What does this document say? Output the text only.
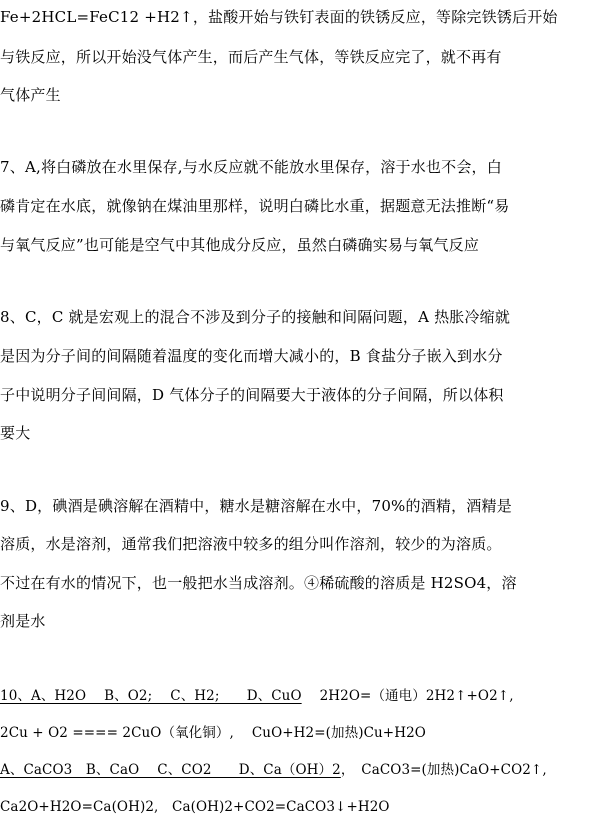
Fe+2HCL=FeC12 +H2↑，盐酸开始与铁钉表面的铁锈反应，等除完铁锈后开始
与铁反应，所以开始没气体产生，而后产生气体，等铁反应完了，就不再有
气体产生
7、A,将白磷放在水里保存,与水反应就不能放水里保存，溶于水也不会，白
磷肯定在水底，就像钠在煤油里那样，说明白磷比水重，据题意无法推断“易
与氧气反应”也可能是空气中其他成分反应，虽然白磷确实易与氧气反应
8、C，C 就是宏观上的混合不涉及到分子的接触和间隔问题，A 热胀冷缩就
是因为分子间的间隔随着温度的变化而增大减小的，B 食盐分子嵌入到水分
子中说明分子间间隔，D 气体分子的间隔要大于液体的分子间隔，所以体积
要大
9、D，碘酒是碘溶解在酒精中，糖水是糖溶解在水中，70%的酒精，酒精是
溶质，水是溶剂，通常我们把溶液中较多的组分叫作溶剂，较少的为溶质。
不过在有水的情况下，也一般把水当成溶剂。④稀硫酸的溶质是 H2SO4，溶
剂是水
10、A、H2O　 B、O2;　 C、H2;　　D、CuO　 2H2O=（通电）2H2↑+O2↑,
2Cu + O2 ==== 2CuO（氧化铜）,　 CuO+H2=(加热)Cu+H2O
A、CaCO3　B、CaO　 C、CO2　　D、Ca（OH）2，　CaCO3=(加热)CaO+CO2↑,
Ca2O+H2O=Ca(OH)2,　Ca(OH)2+CO2=CaCO3↓+H2O
